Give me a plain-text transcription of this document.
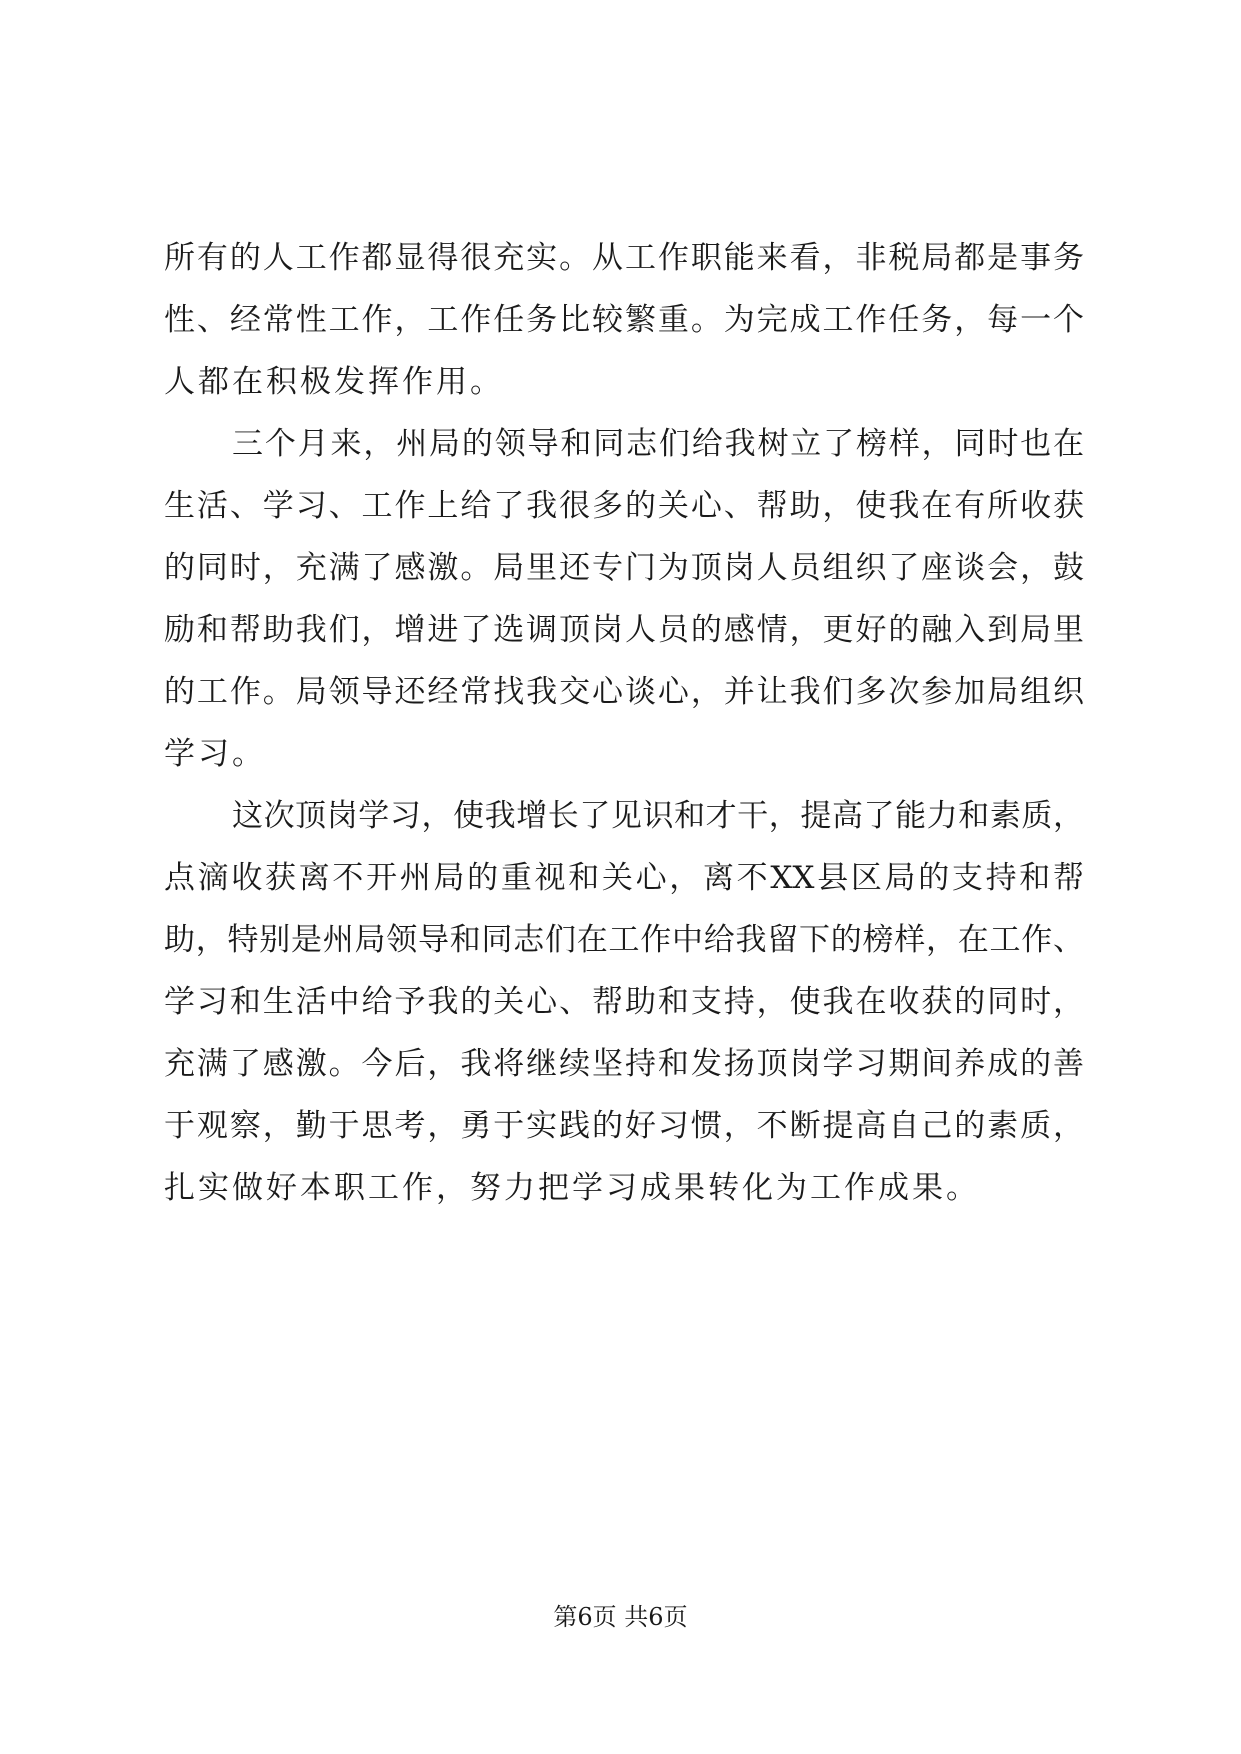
所有的人工作都显得很充实。从工作职能来看，非税局都是事务
性、经常性工作，工作任务比较繁重。为完成工作任务，每一个
人都在积极发挥作用。
三个月来，州局的领导和同志们给我树立了榜样，同时也在
生活、学习、工作上给了我很多的关心、帮助，使我在有所收获
的同时，充满了感激。局里还专门为顶岗人员组织了座谈会，鼓
励和帮助我们，增进了选调顶岗人员的感情，更好的融入到局里
的工作。局领导还经常找我交心谈心，并让我们多次参加局组织
学习。
这次顶岗学习，使我增长了见识和才干，提高了能力和素质，
点滴收获离不开州局的重视和关心，离不XX县区局的支持和帮
助，特别是州局领导和同志们在工作中给我留下的榜样，在工作、
学习和生活中给予我的关心、帮助和支持，使我在收获的同时，
充满了感激。今后，我将继续坚持和发扬顶岗学习期间养成的善
于观察，勤于思考，勇于实践的好习惯，不断提高自己的素质，
扎实做好本职工作，努力把学习成果转化为工作成果。
第6页 共6页
